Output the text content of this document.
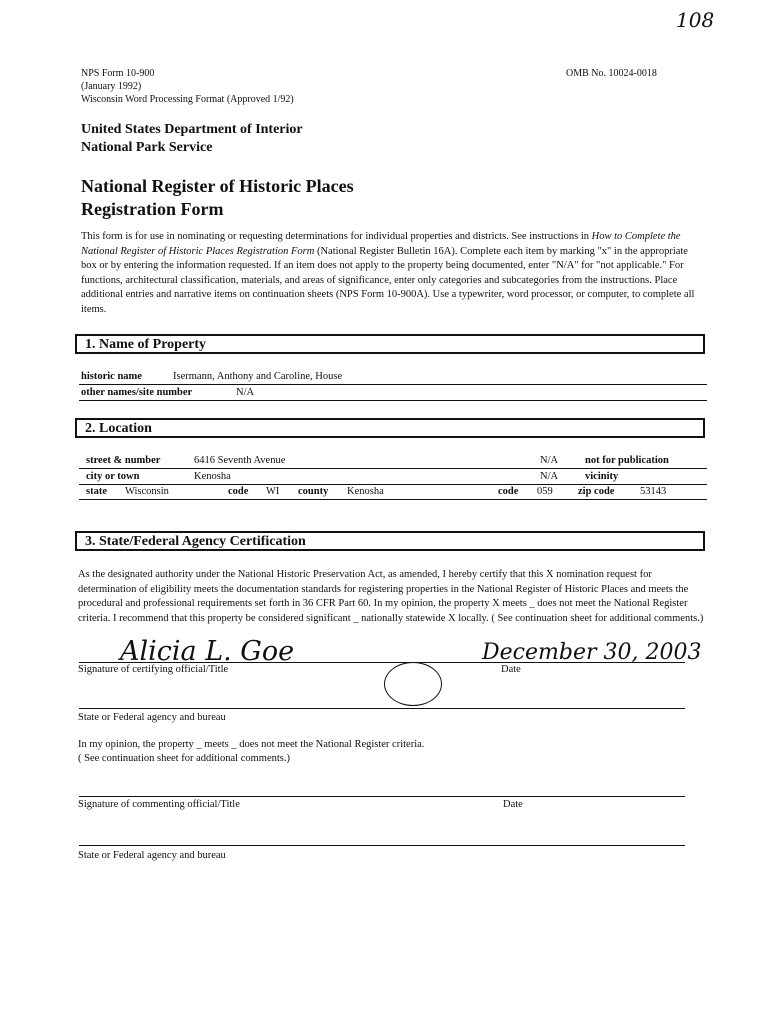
108
NPS Form 10-900
(January 1992)
Wisconsin Word Processing Format (Approved 1/92)
OMB No. 10024-0018
United States Department of Interior
National Park Service
National Register of Historic Places
Registration Form
This form is for use in nominating or requesting determinations for individual properties and districts. See instructions in How to Complete the National Register of Historic Places Registration Form (National Register Bulletin 16A). Complete each item by marking "x" in the appropriate box or by entering the information requested. If an item does not apply to the property being documented, enter "N/A" for "not applicable." For functions, architectural classification, materials, and areas of significance, enter only categories and subcategories from the instructions. Place additional entries and narrative items on continuation sheets (NPS Form 10-900A). Use a typewriter, word processor, or computer, to complete all items.
1. Name of Property
historic name	Isermann, Anthony and Caroline, House
other names/site number	N/A
2. Location
street & number	6416 Seventh Avenue	N/A	not for publication
city or town	Kenosha	N/A	vicinity
state Wisconsin	code WI county Kenosha	code 059 zip code 53143
3. State/Federal Agency Certification
As the designated authority under the National Historic Preservation Act, as amended, I hereby certify that this X nomination request for determination of eligibility meets the documentation standards for registering properties in the National Register of Historic Places and meets the procedural and professional requirements set forth in 36 CFR Part 60. In my opinion, the property X meets _ does not meet the National Register criteria. I recommend that this property be considered significant _ nationally statewide X locally. ( See continuation sheet for additional comments.)
Alicia L. Goe	December 30, 2003
Signature of certifying official/Title	Date
State or Federal agency and bureau
In my opinion, the property _ meets _ does not meet the National Register criteria.
( See continuation sheet for additional comments.)
Signature of commenting official/Title	Date
State or Federal agency and bureau
